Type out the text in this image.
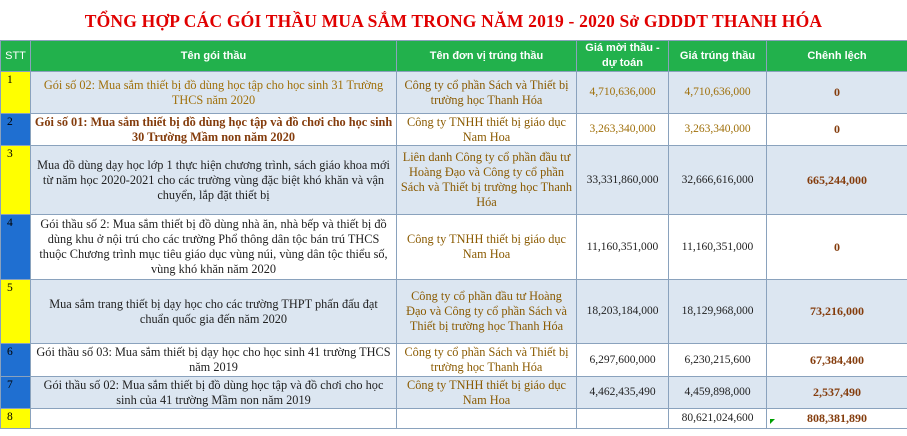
TỔNG HỢP CÁC GÓI THẦU MUA SẮM TRONG NĂM 2019 - 2020 Sở GDDDT THANH HÓA
STT	Tên gói thầu	Tên đơn vị trúng thầu	Giá mời thầu - dự toán	Giá trúng thầu	Chênh lệch
1	Gói số 02: Mua sắm thiết bị đồ dùng học tập cho học sinh 31 Trường THCS năm 2020	Công ty cổ phần Sách và Thiết bị trường học Thanh Hóa	4,710,636,000	4,710,636,000	0
2	Gói số 01: Mua sắm thiết bị đồ dùng học tập và đồ chơi cho học sinh 30 Trường Mầm non năm 2020	Công ty TNHH thiết bị giáo dục Nam Hoa	3,263,340,000	3,263,340,000	0
3	Mua đồ dùng dạy học lớp 1 thực hiện chương trình, sách giáo khoa mới từ năm học 2020-2021 cho các trường vùng đặc biệt khó khăn và vận chuyển, lắp đặt thiết bị	Liên danh Công ty cổ phần đầu tư Hoàng Đạo và Công ty cổ phần Sách và Thiết bị trường học Thanh Hóa	33,331,860,000	32,666,616,000	665,244,000
4	Gói thầu số 2: Mua sắm thiết bị đồ dùng nhà ăn, nhà bếp và thiết bị đồ dùng khu ở nội trú cho các trường Phổ thông dân tộc bán trú THCS thuộc Chương trình mục tiêu giáo dục vùng núi, vùng dân tộc thiểu số, vùng khó khăn năm 2020	Công ty TNHH thiết bị giáo dục Nam Hoa	11,160,351,000	11,160,351,000	0
5	Mua sắm trang thiết bị dạy học cho các trường THPT phấn đấu đạt chuẩn quốc gia đến năm 2020	Công ty cổ phần đầu tư Hoàng Đạo và Công ty cổ phần Sách và Thiết bị trường học Thanh Hóa	18,203,184,000	18,129,968,000	73,216,000
6	Gói thầu số 03: Mua sắm thiết bị dạy học cho học sinh 41 trường THCS năm 2019	Công ty cổ phần Sách và Thiết bị trường học Thanh Hóa	6,297,600,000	6,230,215,600	67,384,400
7	Gói thầu số 02: Mua sắm thiết bị đồ dùng học tập và đồ chơi cho học sinh của 41 trường Mầm non năm 2019	Công ty TNHH thiết bị giáo dục Nam Hoa	4,462,435,490	4,459,898,000	2,537,490
8				80,621,024,600	808,381,890
